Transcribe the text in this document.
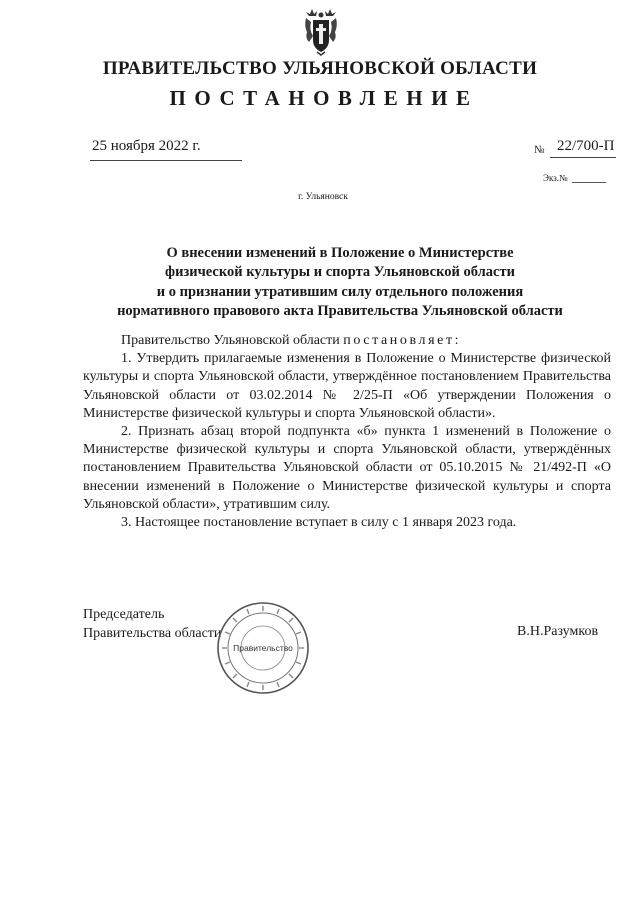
ПРАВИТЕЛЬСТВО УЛЬЯНОВСКОЙ ОБЛАСТИ
ПОСТАНОВЛЕНИЕ
25 ноября 2022 г.	№ 22/700-П
Экз.№
г. Ульяновск
О внесении изменений в Положение о Министерстве
физической культуры и спорта Ульяновской области
и о признании утратившим силу отдельного положения
нормативного правового акта Правительства Ульяновской области

Правительство Ульяновской области постановляет:

1. Утвердить прилагаемые изменения в Положение о Министерстве физической культуры и спорта Ульяновской области, утверждённое постановлением Правительства Ульяновской области от 03.02.2014 № 2/25-П «Об утверждении Положения о Министерстве физической культуры и спорта Ульяновской области».

2. Признать абзац второй подпункта «б» пункта 1 изменений в Положение о Министерстве физической культуры и спорта Ульяновской области, утверждённых постановлением Правительства Ульяновской области от 05.10.2015 № 21/492-П «О внесении изменений в Положение о Министерстве физической культуры и спорта Ульяновской области», утратившим силу.

3. Настоящее постановление вступает в силу с 1 января 2023 года.

Председатель
Правительства области	В.Н.Разумков
Правительство
